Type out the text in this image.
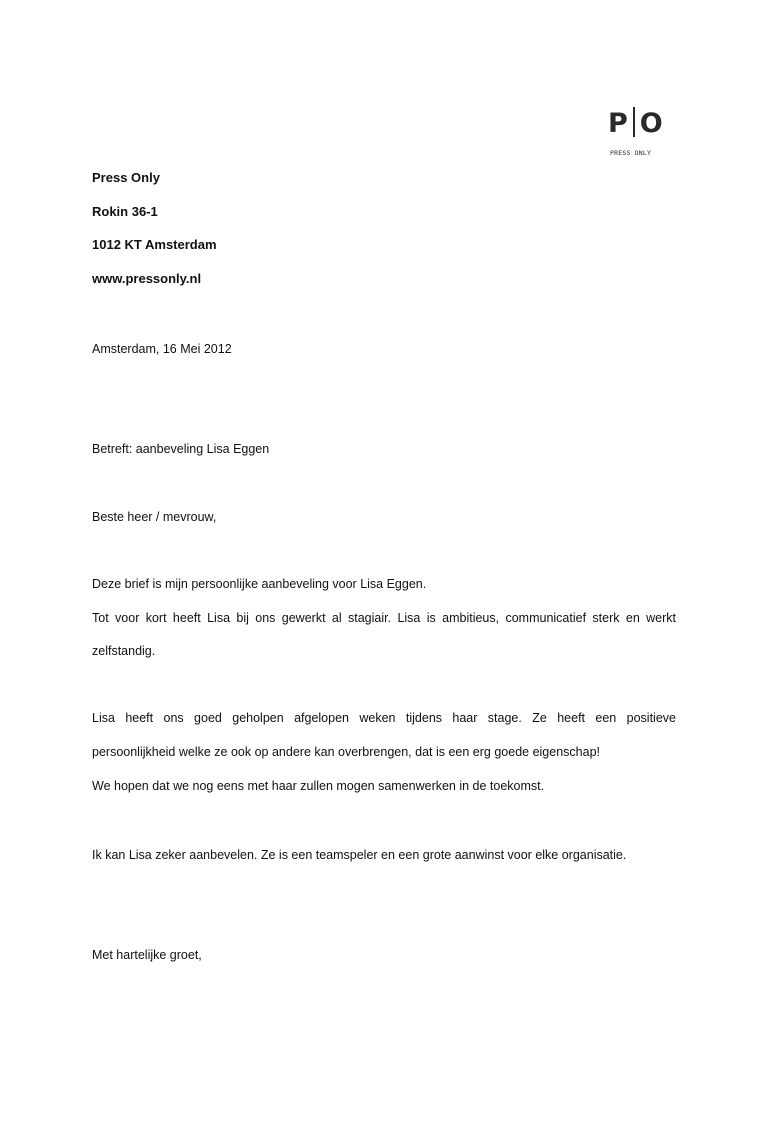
P O
PRESS ONLY
Press Only
Rokin 36-1
1012 KT Amsterdam
www.pressonly.nl
Amsterdam, 16 Mei 2012
Betreft: aanbeveling Lisa Eggen
Beste heer / mevrouw,
Deze brief is mijn persoonlijke aanbeveling voor Lisa Eggen.
Tot voor kort heeft Lisa bij ons gewerkt al stagiair. Lisa is ambitieus, communicatief sterk en werkt
zelfstandig.
Lisa heeft ons goed geholpen afgelopen weken tijdens haar stage. Ze heeft een positieve
persoonlijkheid welke ze ook op andere kan overbrengen, dat is een erg goede eigenschap!
We hopen dat we nog eens met haar zullen mogen samenwerken in de toekomst.
Ik kan Lisa zeker aanbevelen. Ze is een teamspeler en een grote aanwinst voor elke organisatie.
Met hartelijke groet,
